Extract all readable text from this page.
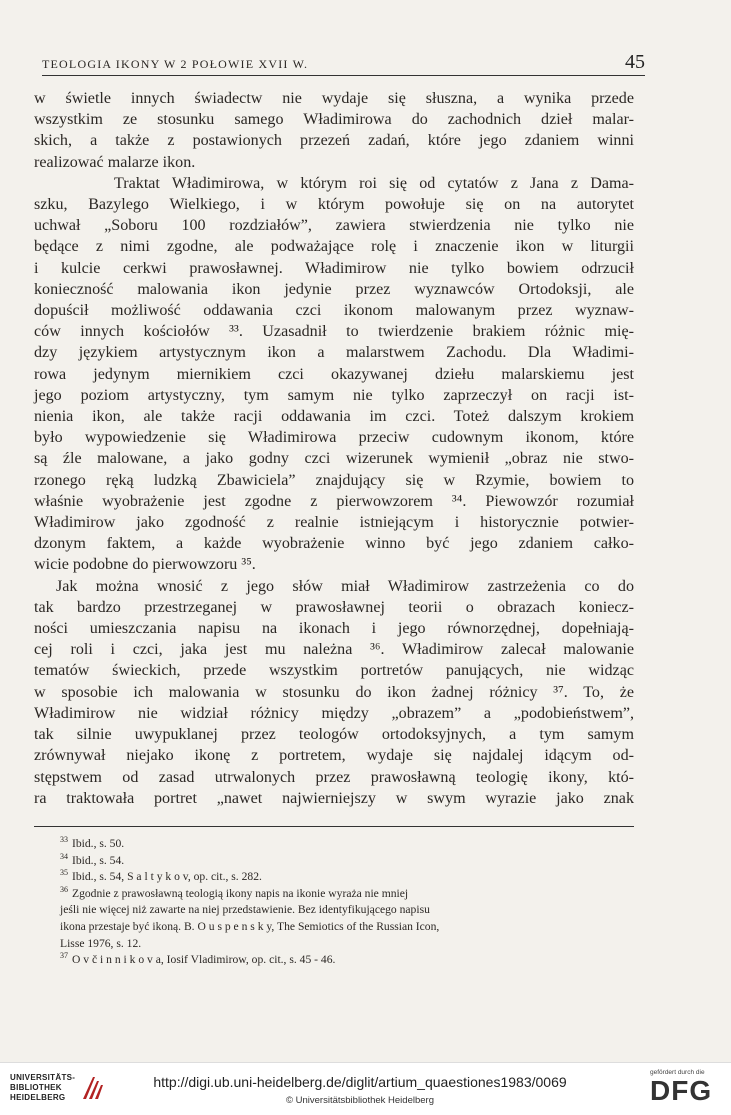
TEOLOGIA IKONY W 2 POŁOWIE XVII W.	45

w świetle innych świadectw nie wydaje się słuszna, a wynika przede
wszystkim ze stosunku samego Władimirowa do zachodnich dzieł malar-
skich, a także z postawionych przezeń zadań, które jego zdaniem winni
realizować malarze ikon.

Traktat Władimirowa, w którym roi się od cytatów z Jana z Dama-
szku, Bazylego Wielkiego, i w którym powołuje się on na autorytet
uchwał „Soboru 100 rozdziałów”, zawiera stwierdzenia nie tylko nie
będące z nimi zgodne, ale podważające rolę i znaczenie ikon w liturgii
i kulcie cerkwi prawosławnej. Władimirow nie tylko bowiem odrzucił
konieczność malowania ikon jedynie przez wyznawców Ortodoksji, ale
dopuścił możliwość oddawania czci ikonom malowanym przez wyznaw-
ców innych kościołów ³³. Uzasadnił to twierdzenie brakiem różnic mię-
dzy językiem artystycznym ikon a malarstwem Zachodu. Dla Władimi-
rowa jedynym miernikiem czci okazywanej dziełu malarskiemu jest
jego poziom artystyczny, tym samym nie tylko zaprzeczył on racji ist-
nienia ikon, ale także racji oddawania im czci. Toteż dalszym krokiem
było wypowiedzenie się Władimirowa przeciw cudownym ikonom, które
są źle malowane, a jako godny czci wizerunek wymienił „obraz nie stwo-
rzonego ręką ludzką Zbawiciela” znajdujący się w Rzymie, bowiem to
właśnie wyobrażenie jest zgodne z pierwowzorem ³⁴. Piewowzór rozumiał
Władimirow jako zgodność z realnie istniejącym i historycznie potwier-
dzonym faktem, a każde wyobrażenie winno być jego zdaniem całko-
wicie podobne do pierwowzoru ³⁵.

Jak można wnosić z jego słów miał Władimirow zastrzeżenia co do
tak bardzo przestrzeganej w prawosławnej teorii o obrazach koniecz-
ności umieszczania napisu na ikonach i jego równorzędnej, dopełniają-
cej roli i czci, jaka jest mu należna ³⁶. Władimirow zalecał malowanie
tematów świeckich, przede wszystkim portretów panujących, nie widząc
w sposobie ich malowania w stosunku do ikon żadnej różnicy ³⁷. To, że
Władimirow nie widział różnicy między „obrazem” a „podobieństwem”,
tak silnie uwypuklanej przez teologów ortodoksyjnych, a tym samym
zrównywał niejako ikonę z portretem, wydaje się najdalej idącym od-
stępstwem od zasad utrwalonych przez prawosławną teologię ikony, któ-
ra traktowała portret „nawet najwierniejszy w swym wyrazie jako znak

33 Ibid., s. 50.
34 Ibid., s. 54.
35 Ibid., s. 54, S a l t y k o v, op. cit., s. 282.
36 Zgodnie z prawosławną teologią ikony napis na ikonie wyraża nie mniej
jeśli nie więcej niż zawarte na niej przedstawienie. Bez identyfikującego napisu
ikona przestaje być ikoną. B. O u s p e n s k y, The Semiotics of the Russian Icon,
Lisse 1976, s. 12.
37 O v č i n n i k o v a, Iosif Vladimirow, op. cit., s. 45 - 46.
UNIVERSITÄTS-
BIBLIOTHEK
HEIDELBERG
http://digi.ub.uni-heidelberg.de/diglit/artium_quaestiones1983/0069
© Universitätsbibliothek Heidelberg
gefördert durch die
DFG
